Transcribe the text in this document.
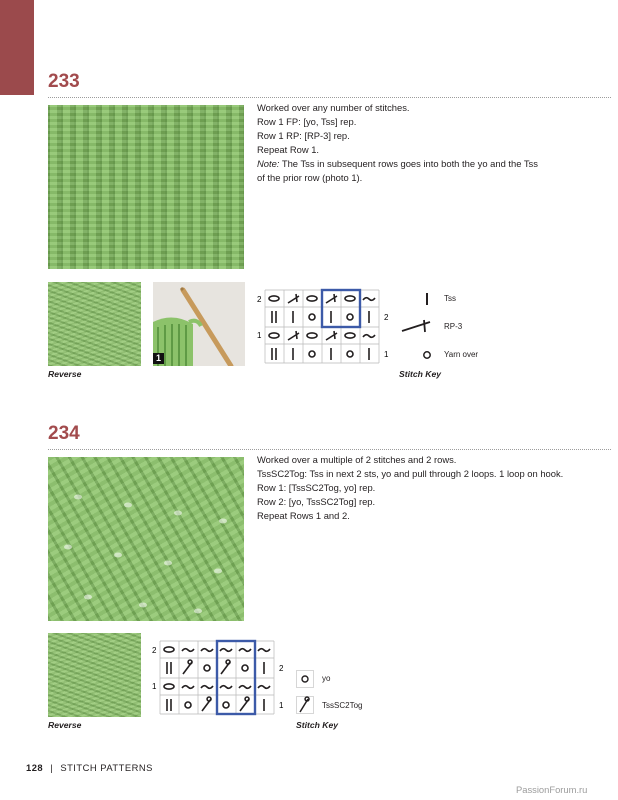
233

Worked over any number of stitches.

Row 1 FP: [yo, Tss] rep.

Row 1 RP: [RP-3] rep.

Repeat Row 1.

Note: The Tss in subsequent rows goes into both the yo and the Tss

of the prior row (photo 1).

Reverse
1
2
2
1
1
Tss
RP-3
Yarn over
Stitch Key
234

Worked over a multiple of 2 stitches and 2 rows.

TssSC2Tog: Tss in next 2 sts, yo and pull through 2 loops. 1 loop on hook.

Row 1: [TssSC2Tog, yo] rep.

Row 2: [yo, TssSC2Tog] rep.

Repeat Rows 1 and 2.

Reverse
2
2
1
1
yo
TssSC2Tog
Stitch Key
128 | STITCH PATTERNS
PassionForum.ru
